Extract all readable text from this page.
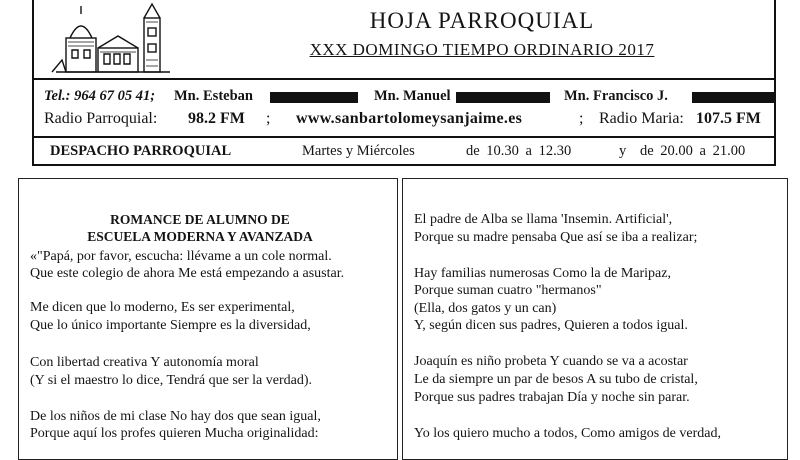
HOJA PARROQUIAL
XXX DOMINGO TIEMPO ORDINARIO 2017
Tel.: 964 67 05 41; Mn. Esteban	Mn. Manuel	Mn. Francisco J.
Radio Parroquial: 98.2 FM ; www.sanbartolomeysanjaime.es	; Radio Maria: 107.5 FM
DESPACHO PARROQUIAL	Martes y Miércoles	de 10.30 a 12.30	y de 20.00 a 21.00
ROMANCE DE ALUMNO DE
ESCUELA MODERNA Y AVANZADA
«"Papá, por favor, escucha: llévame a un cole normal.
Que este colegio de ahora Me está empezando a asustar.
Me dicen que lo moderno, Es ser experimental,
Que lo único importante Siempre es la diversidad,
Con libertad creativa Y autonomía moral
(Y si el maestro lo dice, Tendrá que ser la verdad).
De los niños de mi clase No hay dos que sean igual,
Porque aquí los profes quieren Mucha originalidad:
El padre de Alba se llama 'Insemin. Artificial',
Porque su madre pensaba Que así se iba a realizar;
Hay familias numerosas Como la de Maripaz,
Porque suman cuatro "hermanos"
(Ella, dos gatos y un can)
Y, según dicen sus padres, Quieren a todos igual.
Joaquín es niño probeta Y cuando se va a acostar
Le da siempre un par de besos A su tubo de cristal,
Porque sus padres trabajan Día y noche sin parar.
Yo los quiero mucho a todos, Como amigos de verdad,
